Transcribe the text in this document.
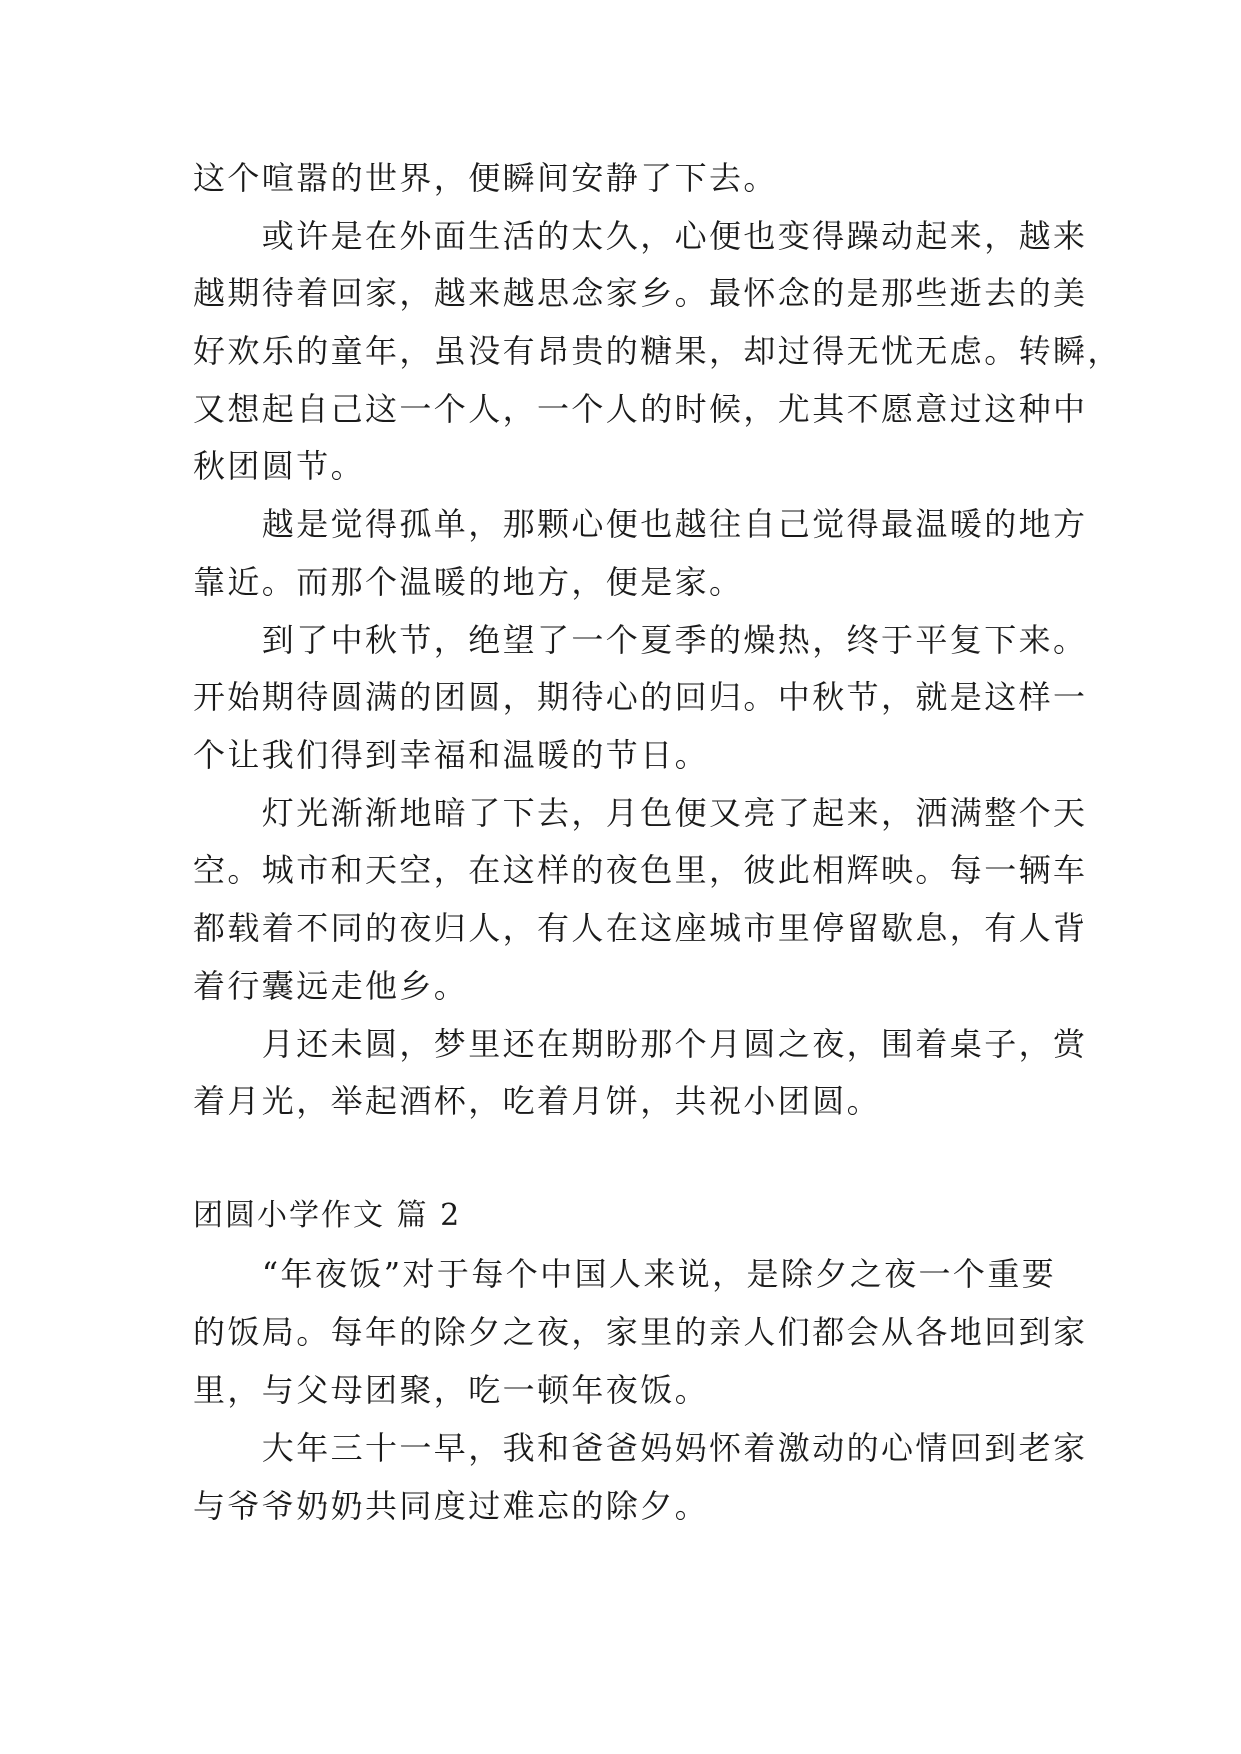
这个喧嚣的世界，便瞬间安静了下去。

　　或许是在外面生活的太久，心便也变得躁动起来，越来

越期待着回家，越来越思念家乡。最怀念的是那些逝去的美

好欢乐的童年，虽没有昂贵的糖果，却过得无忧无虑。转瞬，

又想起自己这一个人，一个人的时候，尤其不愿意过这种中

秋团圆节。

　　越是觉得孤单，那颗心便也越往自己觉得最温暖的地方

靠近。而那个温暖的地方，便是家。

　　到了中秋节，绝望了一个夏季的燥热，终于平复下来。

开始期待圆满的团圆，期待心的回归。中秋节，就是这样一

个让我们得到幸福和温暖的节日。

　　灯光渐渐地暗了下去，月色便又亮了起来，洒满整个天

空。城市和天空，在这样的夜色里，彼此相辉映。每一辆车

都载着不同的夜归人，有人在这座城市里停留歇息，有人背

着行囊远走他乡。

　　月还未圆，梦里还在期盼那个月圆之夜，围着桌子，赏

着月光，举起酒杯，吃着月饼，共祝小团圆。

团圆小学作文 篇 2

　　“年夜饭”对于每个中国人来说，是除夕之夜一个重要

的饭局。每年的除夕之夜，家里的亲人们都会从各地回到家

里，与父母团聚，吃一顿年夜饭。

　　大年三十一早，我和爸爸妈妈怀着激动的心情回到老家

与爷爷奶奶共同度过难忘的除夕。
